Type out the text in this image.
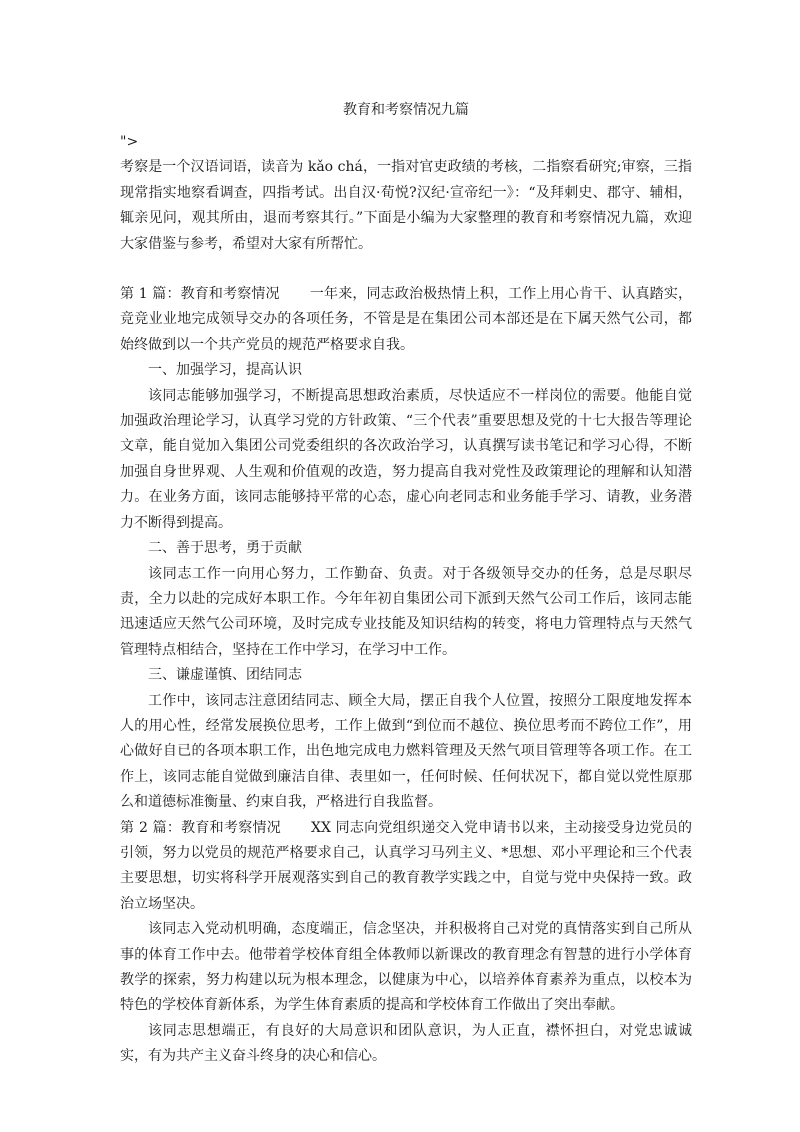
教育和考察情况九篇

">

考察是一个汉语词语，读音为 kǎo chá，一指对官吏政绩的考核，二指察看研究;审察，三指现常指实地察看调查，四指考试。出自汉·荀悦?汉纪·宣帝纪一》：“及拜刺史、郡守、辅相，辄亲见问，观其所由，退而考察其行。”下面是小编为大家整理的教育和考察情况九篇，欢迎大家借鉴与参考，希望对大家有所帮忙。

第 1 篇：教育和考察情况 一年来，同志政治极热情上积，工作上用心肯干、认真踏实，竞竞业业地完成领导交办的各项任务，不管是是在集团公司本部还是在下属天然气公司，都始终做到以一个共产党员的规范严格要求自我。

一、加强学习，提高认识

该同志能够加强学习，不断提高思想政治素质，尽快适应不一样岗位的需要。他能自觉加强政治理论学习，认真学习党的方针政策、“三个代表”重要思想及党的十七大报告等理论文章，能自觉加入集团公司党委组织的各次政治学习，认真撰写读书笔记和学习心得，不断加强自身世界观、人生观和价值观的改造，努力提高自我对党性及政策理论的理解和认知潜力。在业务方面，该同志能够持平常的心态，虚心向老同志和业务能手学习、请教，业务潜力不断得到提高。

二、善于思考，勇于贡献

该同志工作一向用心努力，工作勤奋、负责。对于各级领导交办的任务，总是尽职尽责，全力以赴的完成好本职工作。今年年初自集团公司下派到天然气公司工作后，该同志能迅速适应天然气公司环境，及时完成专业技能及知识结构的转变，将电力管理特点与天然气管理特点相结合，坚持在工作中学习，在学习中工作。

三、谦虚谨慎、团结同志

工作中，该同志注意团结同志、顾全大局，摆正自我个人位置，按照分工限度地发挥本人的用心性，经常发展换位思考，工作上做到“到位而不越位、换位思考而不跨位工作”，用心做好自已的各项本职工作，出色地完成电力燃料管理及天然气项目管理等各项工作。在工作上，该同志能自觉做到廉洁自律、表里如一，任何时候、任何状况下，都自觉以党性原那么和道德标准衡量、约束自我，严格进行自我监督。

第 2 篇：教育和考察情况 XX 同志向党组织递交入党申请书以来，主动接受身边党员的引领，努力以党员的规范严格要求自己，认真学习马列主义、*思想、邓小平理论和三个代表主要思想，切实将科学开展观落实到自己的教育教学实践之中，自觉与党中央保持一致。政治立场坚决。

该同志入党动机明确，态度端正，信念坚决，并积极将自己对党的真情落实到自己所从事的体育工作中去。他带着学校体育组全体教师以新课改的教育理念有智慧的进行小学体育教学的探索，努力构建以玩为根本理念，以健康为中心，以培养体育素养为重点，以校本为特色的学校体育新体系，为学生体育素质的提高和学校体育工作做出了突出奉献。

该同志思想端正，有良好的大局意识和团队意识，为人正直，襟怀担白，对党忠诚诚实，有为共产主义奋斗终身的决心和信心。
